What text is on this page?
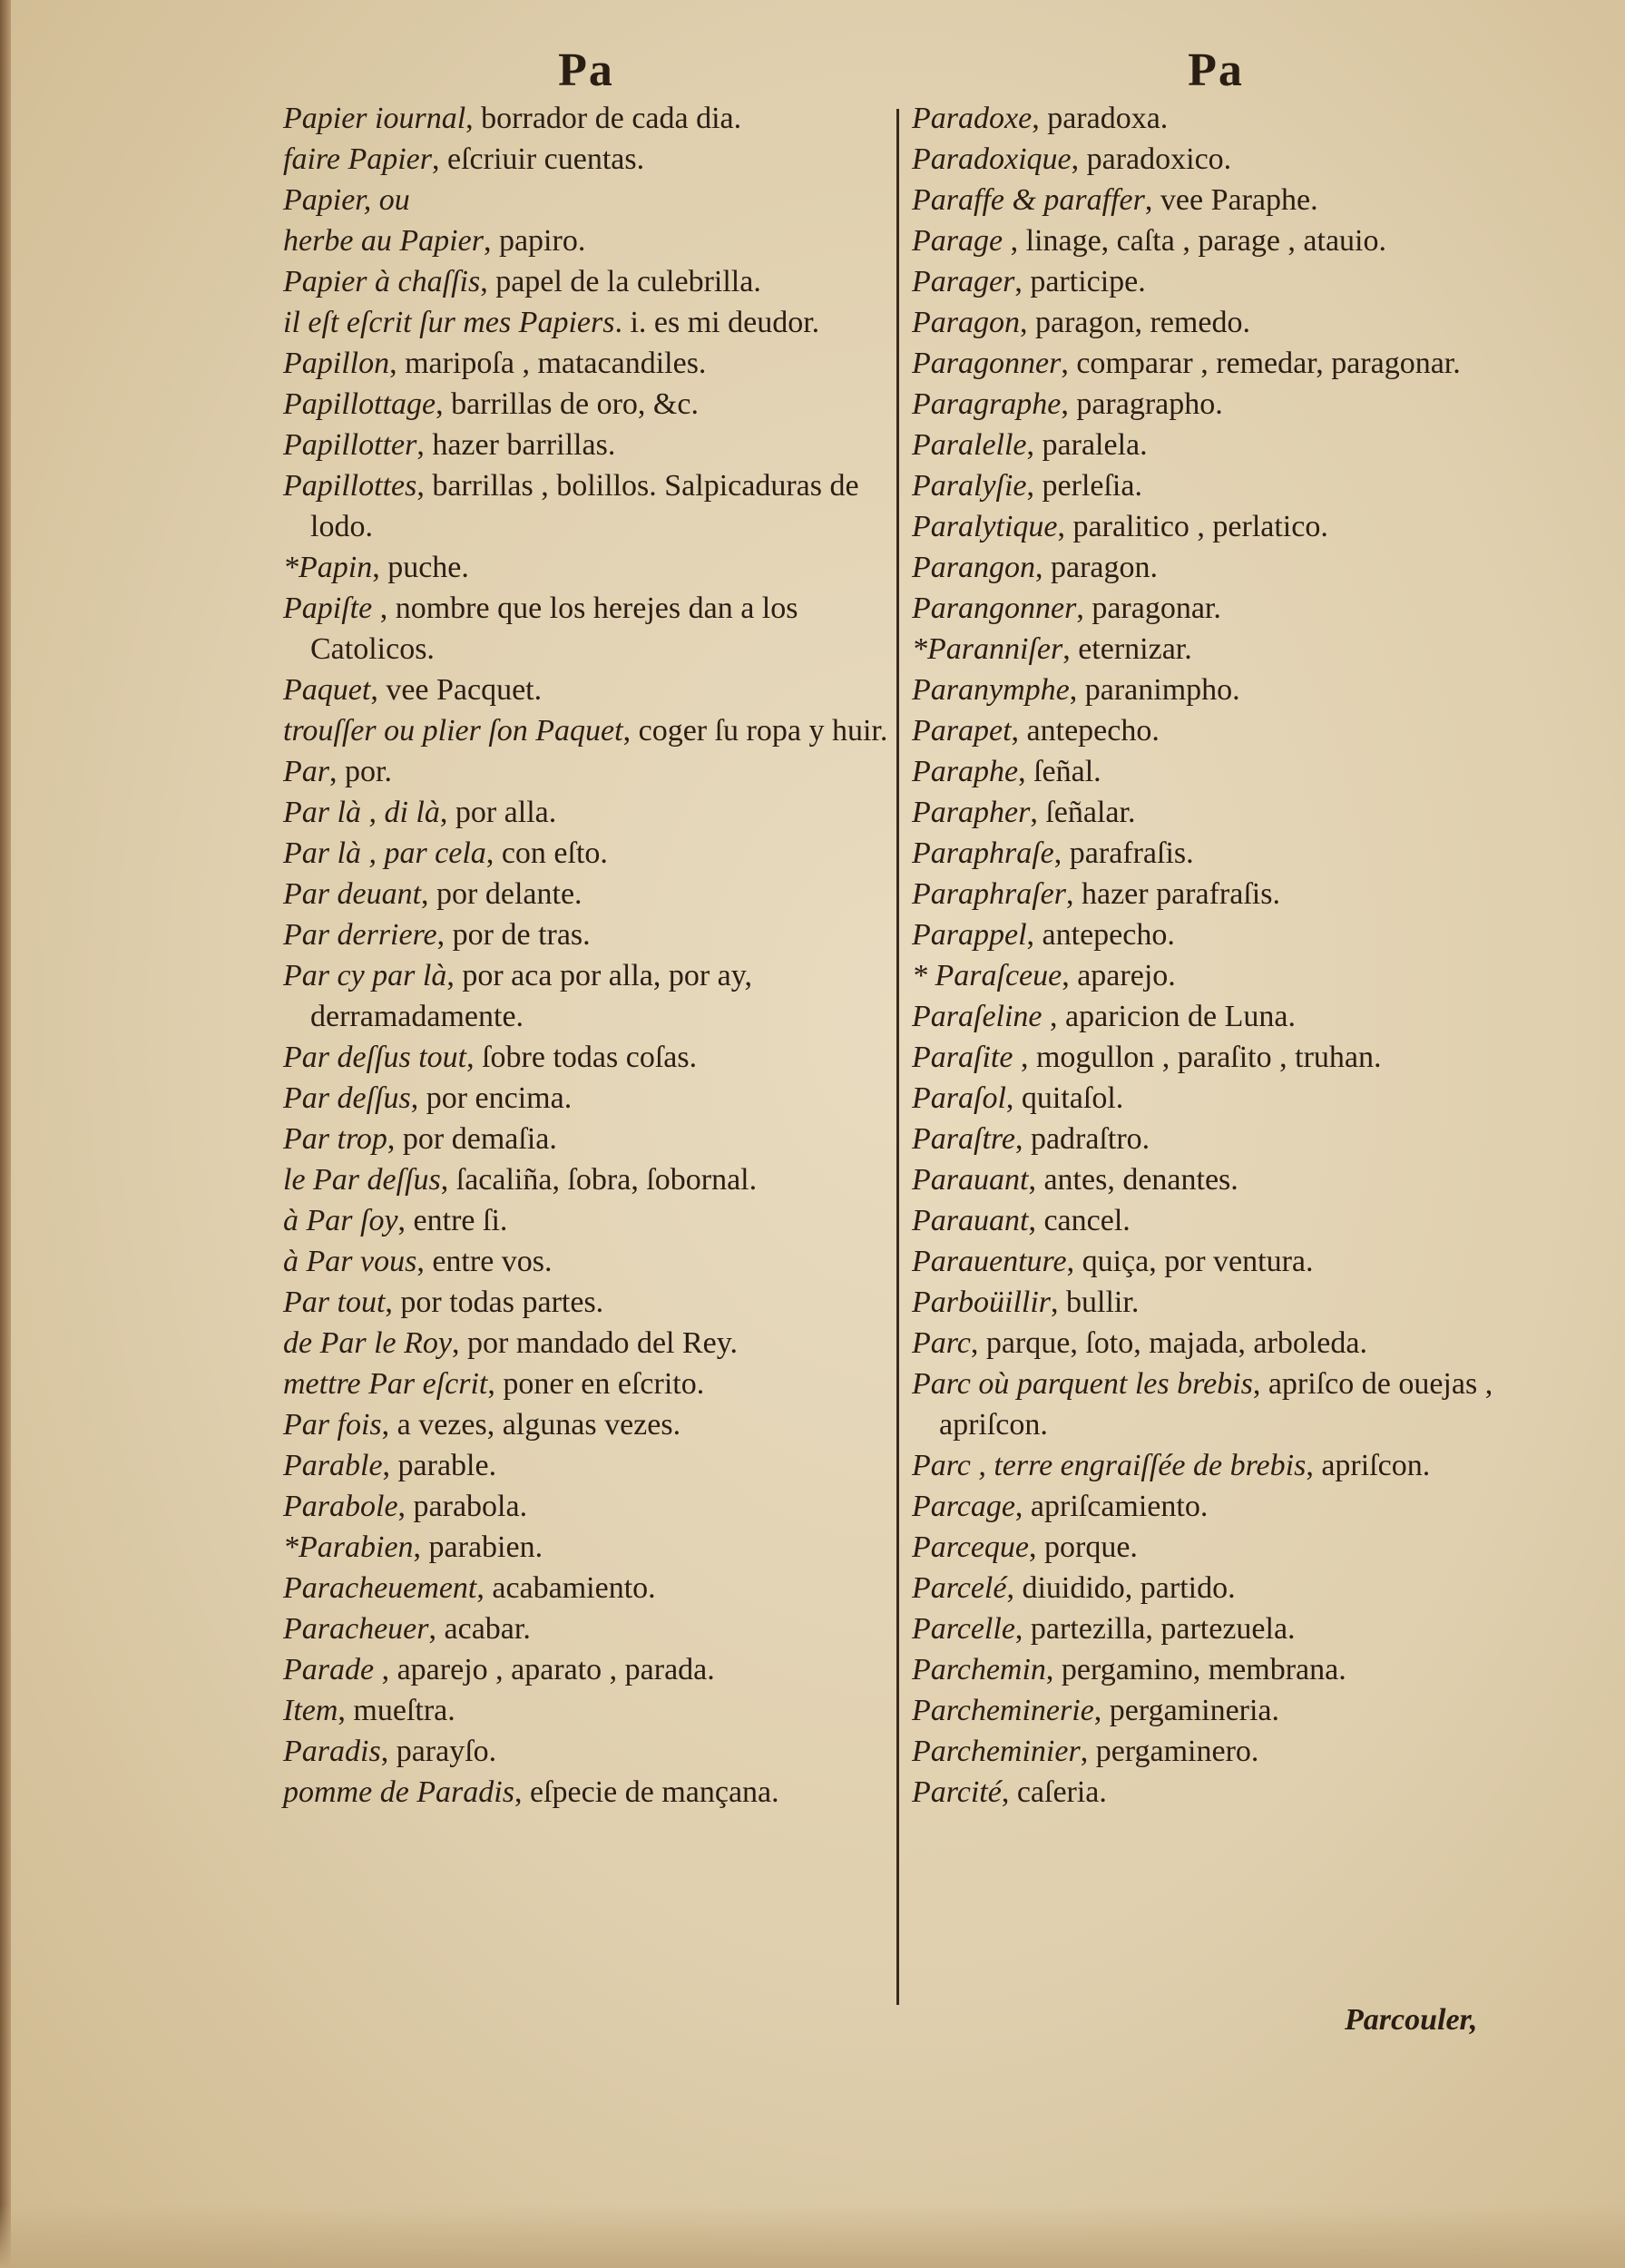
Pa
Papier iournal, borrador de cada dia.
faire Papier, eſcriuir cuentas.
Papier, ou
herbe au Papier, papiro.
Papier à chaſſis, papel de la culebrilla.
il eſt eſcrit ſur mes Papiers. i. es mi deudor.
Papillon, maripoſa , matacandiles.
Papillottage, barrillas de oro, &c.
Papillotter, hazer barrillas.
Papillottes, barrillas , bolillos. Salpicaduras de lodo.
*Papin, puche.
Papiſte , nombre que los herejes dan a los Catolicos.
Paquet, vee Pacquet.
trouſſer ou plier ſon Paquet, coger ſu ropa y huir.
Par, por.
Par là , di là, por alla.
Par là , par cela, con eſto.
Par deuant, por delante.
Par derriere, por de tras.
Par cy par là, por aca por alla, por ay, derramadamente.
Par deſſus tout, ſobre todas coſas.
Par deſſus, por encima.
Par trop, por demaſia.
le Par deſſus, ſacaliña, ſobra, ſobornal.
à Par ſoy, entre ſi.
à Par vous, entre vos.
Par tout, por todas partes.
de Par le Roy, por mandado del Rey.
mettre Par eſcrit, poner en eſcrito.
Par fois, a vezes, algunas vezes.
Parable, parable.
Parabole, parabola.
*Parabien, parabien.
Paracheuement, acabamiento.
Paracheuer, acabar.
Parade , aparejo , aparato , parada.
Item, mueſtra.
Paradis, parayſo.
pomme de Paradis, eſpecie de mançana.
Pa
Paradoxe, paradoxa.
Paradoxique, paradoxico.
Paraffe & paraffer, vee Paraphe.
Parage , linage, caſta , parage , atauio.
Parager, participe.
Paragon, paragon, remedo.
Paragonner, comparar , remedar, paragonar.
Paragraphe, paragrapho.
Paralelle, paralela.
Paralyſie, perleſia.
Paralytique, paralitico , perlatico.
Parangon, paragon.
Parangonner, paragonar.
*Paranniſer, eternizar.
Paranymphe, paranimpho.
Parapet, antepecho.
Paraphe, ſeñal.
Parapher, ſeñalar.
Paraphraſe, parafraſis.
Paraphraſer, hazer parafraſis.
Parappel, antepecho.
* Paraſceue, aparejo.
Paraſeline , aparicion de Luna.
Paraſite , mogullon , paraſito , truhan.
Paraſol, quitaſol.
Paraſtre, padraſtro.
Parauant, antes, denantes.
Parauant, cancel.
Parauenture, quiça, por ventura.
Parboüillir, bullir.
Parc, parque, ſoto, majada, arboleda.
Parc où parquent les brebis, apriſco de ouejas , apriſcon.
Parc , terre engraiſſée de brebis, apriſcon.
Parcage, apriſcamiento.
Parceque, porque.
Parcelé, diuidido, partido.
Parcelle, partezilla, partezuela.
Parchemin, pergamino, membrana.
Parcheminerie, pergamineria.
Parcheminier, pergaminero.
Parcité, caſeria.
Parcouler,
